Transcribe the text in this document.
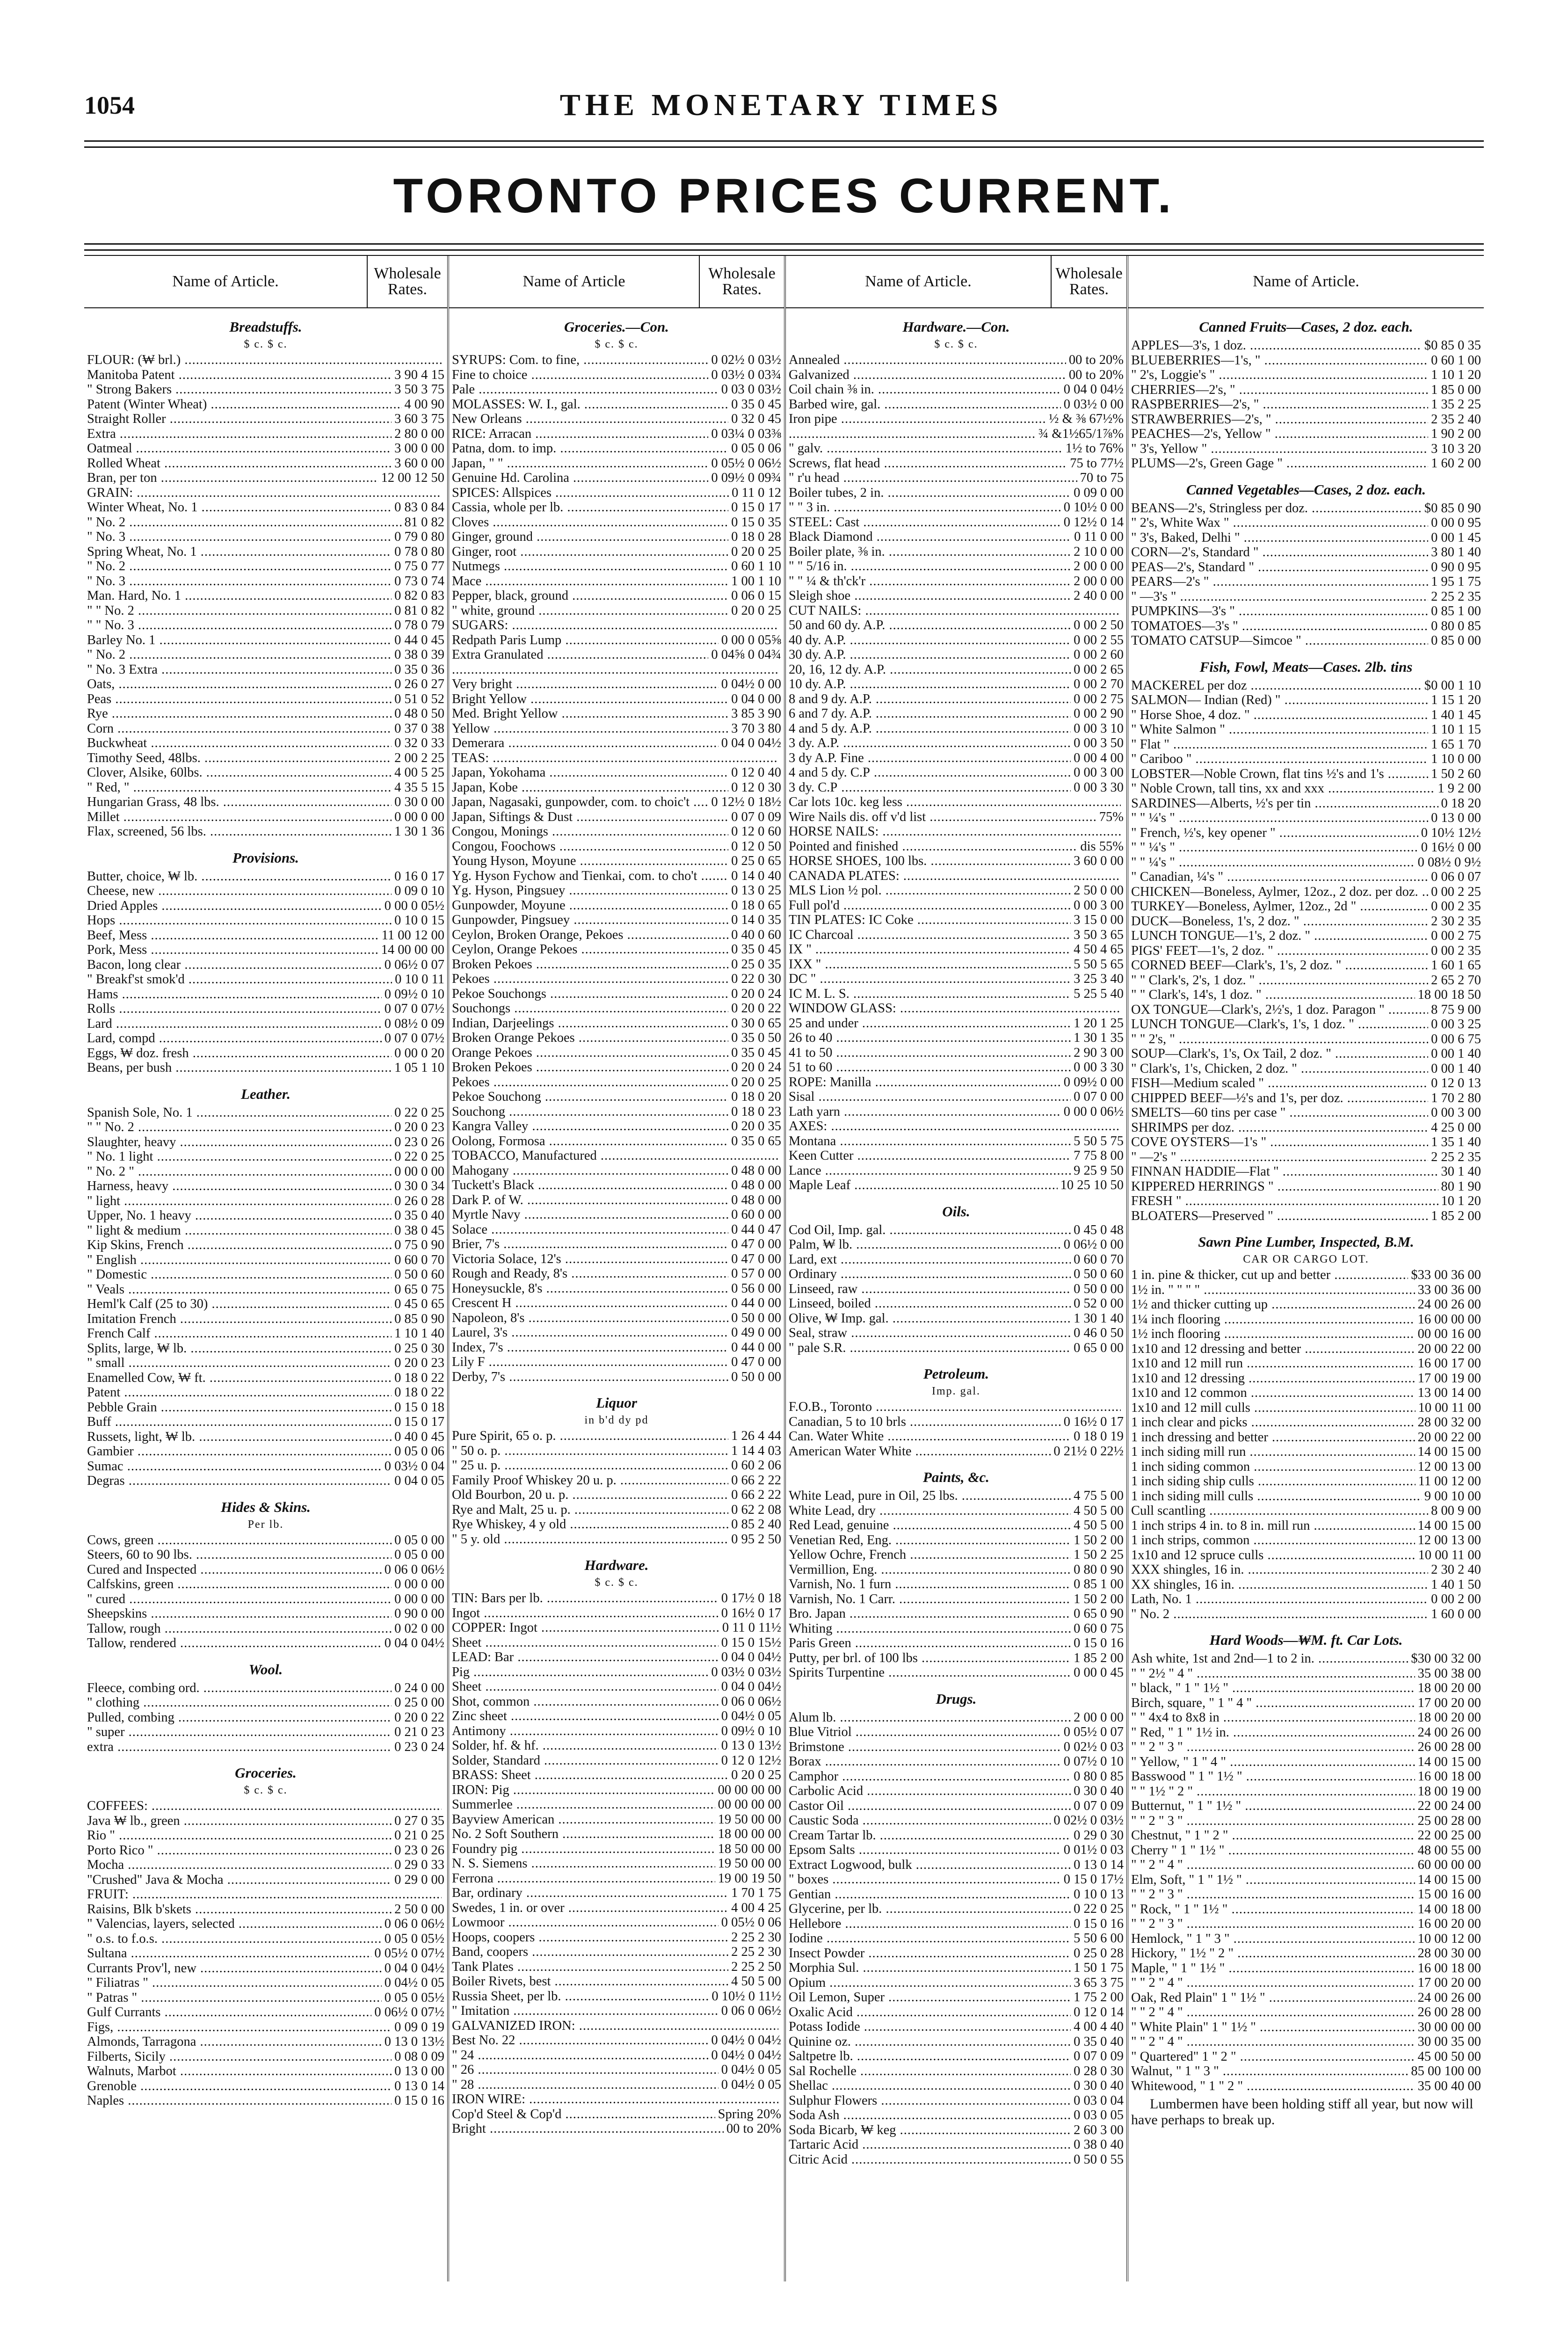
1054	THE MONETARY TIMES
TORONTO PRICES CURRENT.
Name of Article.	Wholesale Rates.
Breadstuffs.
$ c. $ c.
FLOUR: (₩ brl.) .....
Manitoba Patent .....	3 90 4 15
" Strong Bakers .....	3 50 3 75
Patent (Winter Wheat) .....	4 00 90
Straight Roller .....	3 60 3 75
Extra .....	2 80 0 00
Oatmeal .....	3 00 0 00
Rolled Wheat .....	3 60 0 00
Bran, per ton .....	12 00 12 50
GRAIN: .....
Winter Wheat, No. 1 .....	0 83 0 84
" No. 2 .....	81 0 82
" No. 3 .....	0 79 0 80
Spring Wheat, No. 1 .....	0 78 0 80
" No. 2 .....	0 75 0 77
" No. 3 .....	0 73 0 74
Man. Hard, No. 1 .....	0 82 0 83
" " No. 2 .....	0 81 0 82
" " No. 3 .....	0 78 0 79
Barley No. 1 .....	0 44 0 45
" No. 2 .....	0 38 0 39
" No. 3 Extra .....	0 35 0 36
Oats, .....	0 26 0 27
Peas .....	0 51 0 52
Rye .....	0 48 0 50
Corn .....	0 37 0 38
Buckwheat .....	0 32 0 33
Timothy Seed, 48lbs. .....	2 00 2 25
Clover, Alsike, 60lbs. .....	4 00 5 25
" Red, " .....	4 35 5 15
Hungarian Grass, 48 lbs. .....	0 30 0 00
Millet .....	0 00 0 00
Flax, screened, 56 lbs. .....	1 30 1 36
Provisions.
Butter, choice, ₩ lb. .....	0 16 0 17
Cheese, new .....	0 09 0 10
Dried Apples .....	0 00 0 05½
Hops .....	0 10 0 15
Beef, Mess .....	11 00 12 00
Pork, Mess .....	14 00 00 00
Bacon, long clear .....	0 06½ 0 07
" Breakf'st smok'd .....	0 10 0 11
Hams .....	0 09½ 0 10
Rolls .....	0 07 0 07½
Lard .....	0 08½ 0 09
Lard, compd .....	0 07 0 07½
Eggs, ₩ doz. fresh .....	0 00 0 20
Beans, per bush .....	1 05 1 10
Leather.
Spanish Sole, No. 1 .....	0 22 0 25
" " No. 2 .....	0 20 0 23
Slaughter, heavy .....	0 23 0 26
" No. 1 light .....	0 22 0 25
" No. 2 " .....	0 00 0 00
Harness, heavy .....	0 30 0 34
" light .....	0 26 0 28
Upper, No. 1 heavy .....	0 35 0 40
" light & medium .....	0 38 0 45
Kip Skins, French .....	0 75 0 90
" English .....	0 60 0 70
" Domestic .....	0 50 0 60
" Veals .....	0 65 0 75
Heml'k Calf (25 to 30) .....	0 45 0 65
Imitation French .....	0 85 0 90
French Calf .....	1 10 1 40
Splits, large, ₩ lb. .....	0 25 0 30
" small .....	0 20 0 23
Enamelled Cow, ₩ ft. .....	0 18 0 22
Patent .....	0 18 0 22
Pebble Grain .....	0 15 0 18
Buff .....	0 15 0 17
Russets, light, ₩ lb. .....	0 40 0 45
Gambier .....	0 05 0 06
Sumac .....	0 03½ 0 04
Degras .....	0 04 0 05
Hides & Skins.
Per lb.
Cows, green .....	0 05 0 00
Steers, 60 to 90 lbs. .....	0 05 0 00
Cured and Inspected .....	0 06 0 06½
Calfskins, green .....	0 00 0 00
" cured .....	0 00 0 00
Sheepskins .....	0 90 0 00
Tallow, rough .....	0 02 0 00
Tallow, rendered .....	0 04 0 04½
Wool.
Fleece, combing ord. .....	0 24 0 00
" clothing .....	0 25 0 00
Pulled, combing .....	0 20 0 22
" super .....	0 21 0 23
extra .....	0 23 0 24
Groceries.
$ c. $ c.
COFFEES: .....
Java ₩ lb., green .....	0 27 0 35
Rio " .....	0 21 0 25
Porto Rico " .....	0 23 0 26
Mocha .....	0 29 0 33
"Crushed" Java & Mocha .....	0 29 0 00
FRUIT: .....
Raisins, Blk b'skets .....	2 50 0 00
" Valencias, layers, selected .....	0 06 0 06½
" o.s. to f.o.s. .....	0 05 0 05½
Sultana .....	0 05½ 0 07½
Currants Prov'l, new .....	0 04 0 04½
" Filiatras " .....	0 04½ 0 05
" Patras " .....	0 05 0 05½
Gulf Currants .....	0 06½ 0 07½
Figs, .....	0 09 0 19
Almonds, Tarragona .....	0 13 0 13½
Filberts, Sicily .....	0 08 0 09
Walnuts, Marbot .....	0 13 0 00
Grenoble .....	0 13 0 14
Naples .....	0 15 0 16
Name of Article	Wholesale Rates.
Groceries.—Con.
$ c. $ c.
SYRUPS: Com. to fine, .....	0 02½ 0 03½
Fine to choice .....	0 03½ 0 03¾
Pale .....	0 03 0 03½
MOLASSES: W. I., gal. .....	0 35 0 45
New Orleans .....	0 32 0 45
RICE: Arracan .....	0 03¼ 0 03⅜
Patna, dom. to imp. .....	0 05 0 06
Japan, " " .....	0 05½ 0 06½
Genuine Hd. Carolina .....	0 09½ 0 09¾
SPICES: Allspices .....	0 11 0 12
Cassia, whole per lb. .....	0 15 0 17
Cloves .....	0 15 0 35
Ginger, ground .....	0 18 0 28
Ginger, root .....	0 20 0 25
Nutmegs .....	0 60 1 10
Mace .....	1 00 1 10
Pepper, black, ground .....	0 06 0 15
" white, ground .....	0 20 0 25
SUGARS: .....
Redpath Paris Lump .....	0 00 0 05⅝
Extra Granulated .....	0 04⅝ 0 04¾
.....
Very bright .....	0 04½ 0 00
Bright Yellow .....	0 04 0 00
Med. Bright Yellow .....	3 85 3 90
Yellow .....	3 70 3 80
Demerara .....	0 04 0 04½
TEAS: .....
Japan, Yokohama .....	0 12 0 40
Japan, Kobe .....	0 12 0 30
Japan, Nagasaki, gunpowder, com. to choic't .....	0 12½ 0 18½
Japan, Siftings & Dust .....	0 07 0 09
Congou, Monings .....	0 12 0 60
Congou, Foochows .....	0 12 0 50
Young Hyson, Moyune .....	0 25 0 65
Yg. Hyson Fychow and Tienkai, com. to cho't .....	0 14 0 40
Yg. Hyson, Pingsuey .....	0 13 0 25
Gunpowder, Moyune .....	0 18 0 65
Gunpowder, Pingsuey .....	0 14 0 35
Ceylon, Broken Orange, Pekoes .....	0 40 0 60
Ceylon, Orange Pekoes .....	0 35 0 45
Broken Pekoes .....	0 25 0 35
Pekoes .....	0 22 0 30
Pekoe Souchongs .....	0 20 0 24
Souchongs .....	0 20 0 22
Indian, Darjeelings .....	0 30 0 65
Broken Orange Pekoes .....	0 35 0 50
Orange Pekoes .....	0 35 0 45
Broken Pekoes .....	0 20 0 24
Pekoes .....	0 20 0 25
Pekoe Souchong .....	0 18 0 20
Souchong .....	0 18 0 23
Kangra Valley .....	0 20 0 35
Oolong, Formosa .....	0 35 0 65
TOBACCO, Manufactured .....
Mahogany .....	0 48 0 00
Tuckett's Black .....	0 48 0 00
Dark P. of W. .....	0 48 0 00
Myrtle Navy .....	0 60 0 00
Solace .....	0 44 0 47
Brier, 7's .....	0 47 0 00
Victoria Solace, 12's .....	0 47 0 00
Rough and Ready, 8's .....	0 57 0 00
Honeysuckle, 8's .....	0 56 0 00
Crescent H .....	0 44 0 00
Napoleon, 8's .....	0 50 0 00
Laurel, 3's .....	0 49 0 00
Index, 7's .....	0 44 0 00
Lily F .....	0 47 0 00
Derby, 7's .....	0 50 0 00
Liquor
in b'd dy pd
Pure Spirit, 65 o. p. .....	1 26 4 44
" 50 o. p. .....	1 14 4 03
" 25 u. p. .....	0 60 2 06
Family Proof Whiskey 20 u. p. .....	0 66 2 22
Old Bourbon, 20 u. p. .....	0 66 2 22
Rye and Malt, 25 u. p. .....	0 62 2 08
Rye Whiskey, 4 y old .....	0 85 2 40
" 5 y. old .....	0 95 2 50
Hardware.
$ c. $ c.
TIN: Bars per lb. .....	0 17½ 0 18
Ingot .....	0 16½ 0 17
COPPER: Ingot .....	0 11 0 11½
Sheet .....	0 15 0 15½
LEAD: Bar .....	0 04 0 04½
Pig .....	0 03½ 0 03½
Sheet .....	0 04 0 04½
Shot, common .....	0 06 0 06½
Zinc sheet .....	0 04½ 0 05
Antimony .....	0 09½ 0 10
Solder, hf. & hf. .....	0 13 0 13½
Solder, Standard .....	0 12 0 12½
BRASS: Sheet .....	0 20 0 25
IRON: Pig .....	00 00 00 00
Summerlee .....	00 00 00 00
Bayview American .....	19 50 00 00
No. 2 Soft Southern .....	18 00 00 00
Foundry pig .....	18 50 00 00
N. S. Siemens .....	19 50 00 00
Ferrona .....	19 00 19 50
Bar, ordinary .....	1 70 1 75
Swedes, 1 in. or over .....	4 00 4 25
Lowmoor .....	0 05½ 0 06
Hoops, coopers .....	2 25 2 30
Band, coopers .....	2 25 2 30
Tank Plates .....	2 25 2 50
Boiler Rivets, best .....	4 50 5 00
Russia Sheet, per lb. .....	0 10½ 0 11½
" Imitation .....	0 06 0 06½
GALVANIZED IRON: .....
Best No. 22 .....	0 04½ 0 04½
" 24 .....	0 04½ 0 04½
" 26 .....	0 04½ 0 05
" 28 .....	0 04½ 0 05
IRON WIRE: .....
Cop'd Steel & Cop'd .....	Spring 20%
Bright .....	00 to 20%
Name of Article.	Wholesale Rates.
Hardware.—Con.
$ c. $ c.
Annealed .....	00 to 20%
Galvanized .....	00 to 20%
Coil chain ⅜ in. .....	0 04 0 04½
Barbed wire, gal. .....	0 03½ 0 00
Iron pipe .....	½ & ⅜ 67½%
.....
¾ &1½65/1⅞%
" galv. .....	1½ to 76%
Screws, flat head .....	75 to 77½
" r'u head .....	70 to 75
Boiler tubes, 2 in. .....	0 09 0 00
" " 3 in. .....	0 10½ 0 00
STEEL: Cast .....	0 12½ 0 14
Black Diamond .....	0 11 0 00
Boiler plate, ⅜ in. .....	2 10 0 00
" " 5/16 in. .....	2 00 0 00
" " ¼ & th'ck'r .....	2 00 0 00
Sleigh shoe .....	2 40 0 00
CUT NAILS: .....
50 and 60 dy. A.P. .....	0 00 2 50
40 dy. A.P. .....	0 00 2 55
30 dy. A.P. .....	0 00 2 60
20, 16, 12 dy. A.P. .....	0 00 2 65
10 dy. A.P. .....	0 00 2 70
8 and 9 dy. A.P. .....	0 00 2 75
6 and 7 dy. A.P. .....	0 00 2 90
4 and 5 dy. A.P. .....	0 00 3 10
3 dy. A.P. .....	0 00 3 50
3 dy A.P. Fine .....	0 00 4 00
4 and 5 dy. C.P .....	0 00 3 00
3 dy. C.P .....	0 00 3 30
Car lots 10c. keg less .....
Wire Nails dis. off v'd list .....	75%
HORSE NAILS: .....
Pointed and finished .....	dis 55%
HORSE SHOES, 100 lbs. .....	3 60 0 00
CANADA PLATES: .....
MLS Lion ½ pol. .....	2 50 0 00
Full pol'd .....	0 00 3 00
TIN PLATES: IC Coke .....	3 15 0 00
IC Charcoal .....	3 50 3 65
IX " .....	4 50 4 65
IXX " .....	5 50 5 65
DC " .....	3 25 3 40
IC M. L. S. .....	5 25 5 40
WINDOW GLASS: .....
25 and under .....	1 20 1 25
26 to 40 .....	1 30 1 35
41 to 50 .....	2 90 3 00
51 to 60 .....	0 00 3 30
ROPE: Manilla .....	0 09½ 0 00
Sisal .....	0 07 0 00
Lath yarn .....	0 00 0 06½
AXES: .....
Montana .....	5 50 5 75
Keen Cutter .....	7 75 8 00
Lance .....	9 25 9 50
Maple Leaf .....	10 25 10 50
Oils.
Cod Oil, Imp. gal. .....	0 45 0 48
Palm, ₩ lb. .....	0 06½ 0 00
Lard, ext .....	0 60 0 70
Ordinary .....	0 50 0 60
Linseed, raw .....	0 50 0 00
Linseed, boiled .....	0 52 0 00
Olive, ₩ Imp. gal. .....	1 30 1 40
Seal, straw .....	0 46 0 50
" pale S.R. .....	0 65 0 00
Petroleum.
Imp. gal.
F.O.B., Toronto .....
Canadian, 5 to 10 brls .....	0 16½ 0 17
Can. Water White .....	0 18 0 19
American Water White .....	0 21½ 0 22½
Paints, &c.
White Lead, pure in Oil, 25 lbs. .....	4 75 5 00
White Lead, dry .....	4 50 5 00
Red Lead, genuine .....	4 50 5 00
Venetian Red, Eng. .....	1 50 2 00
Yellow Ochre, French .....	1 50 2 25
Vermillion, Eng. .....	0 80 0 90
Varnish, No. 1 furn .....	0 85 1 00
Varnish, No. 1 Carr. .....	1 50 2 00
Bro. Japan .....	0 65 0 90
Whiting .....	0 60 0 75
Paris Green .....	0 15 0 16
Putty, per brl. of 100 lbs .....	1 85 2 00
Spirits Turpentine .....	0 00 0 45
Drugs.
Alum lb. .....	2 00 0 00
Blue Vitriol .....	0 05½ 0 07
Brimstone .....	0 02½ 0 03
Borax .....	0 07½ 0 10
Camphor .....	0 80 0 85
Carbolic Acid .....	0 30 0 40
Castor Oil .....	0 07 0 09
Caustic Soda .....	0 02½ 0 03½
Cream Tartar lb. .....	0 29 0 30
Epsom Salts .....	0 01½ 0 03
Extract Logwood, bulk .....	0 13 0 14
" boxes .....	0 15 0 17½
Gentian .....	0 10 0 13
Glycerine, per lb. .....	0 22 0 25
Hellebore .....	0 15 0 16
Iodine .....	5 50 6 00
Insect Powder .....	0 25 0 28
Morphia Sul. .....	1 50 1 75
Opium .....	3 65 3 75
Oil Lemon, Super .....	1 75 2 00
Oxalic Acid .....	0 12 0 14
Potass Iodide .....	4 00 4 40
Quinine oz. .....	0 35 0 40
Saltpetre lb. .....	0 07 0 09
Sal Rochelle .....	0 28 0 30
Shellac .....	0 30 0 40
Sulphur Flowers .....	0 03 0 04
Soda Ash .....	0 03 0 05
Soda Bicarb, ₩ keg .....	2 60 3 00
Tartaric Acid .....	0 38 0 40
Citric Acid .....	0 50 0 55
Name of Article.
Canned Fruits—Cases, 2 doz. each.
APPLES—3's, 1 doz. .....	$0 85 0 35
BLUEBERRIES—1's, " .....	0 60 1 00
" 2's, Loggie's " .....	1 10 1 20
CHERRIES—2's, " .....	1 85 0 00
RASPBERRIES—2's, " .....	1 35 2 25
STRAWBERRIES—2's, " .....	2 35 2 40
PEACHES—2's, Yellow " .....	1 90 2 00
" 3's, Yellow " .....	3 10 3 20
PLUMS—2's, Green Gage " .....	1 60 2 00
Canned Vegetables—Cases, 2 doz. each.
BEANS—2's, Stringless per doz. .....	$0 85 0 90
" 2's, White Wax " .....	0 00 0 95
" 3's, Baked, Delhi " .....	0 00 1 45
CORN—2's, Standard " .....	3 80 1 40
PEAS—2's, Standard " .....	0 90 0 95
PEARS—2's " .....	1 95 1 75
" —3's " .....	2 25 2 35
PUMPKINS—3's " .....	0 85 1 00
TOMATOES—3's " .....	0 80 0 85
TOMATO CATSUP—Simcoe " .....	0 85 0 00
Fish, Fowl, Meats—Cases. 2lb. tins
MACKEREL per doz .....	$0 00 1 10
SALMON— Indian (Red) " .....	1 15 1 20
" Horse Shoe, 4 doz. " .....	1 40 1 45
" White Salmon " .....	1 10 1 15
" Flat " .....	1 65 1 70
" Cariboo " .....	1 10 0 00
LOBSTER—Noble Crown, flat tins ½'s and 1's .....	1 50 2 60
" Noble Crown, tall tins, xx and xxx .....	1 9 2 00
SARDINES—Alberts, ½'s per tin .....	0 18 20
" " ¼'s " .....	0 13 0 00
" French, ½'s, key opener " .....	0 10½ 12½
" " ¼'s " .....	0 16½ 0 00
" " ¼'s " .....	0 08½ 0 9½
" Canadian, ¼'s " .....	0 06 0 07
CHICKEN—Boneless, Aylmer, 12oz., 2 doz. per doz. ..... 0 00 2 25
TURKEY—Boneless, Aylmer, 12oz., 2d " .....	0 00 2 35
DUCK—Boneless, 1's, 2 doz. " .....	2 30 2 35
LUNCH TONGUE—1's, 2 doz. " .....	0 00 2 75
PIGS' FEET—1's, 2 doz. " .....	0 00 2 35
CORNED BEEF—Clark's, 1's, 2 doz. " .....	1 60 1 65
" " Clark's, 2's, 1 doz. " .....	2 65 2 70
" " Clark's, 14's, 1 doz. " .....	18 00 18 50
OX TONGUE—Clark's, 2½'s, 1 doz. Paragon " .....	8 75 9 00
LUNCH TONGUE—Clark's, 1's, 1 doz. " .....	0 00 3 25
" " 2's, " .....	0 00 6 75
SOUP—Clark's, 1's, Ox Tail, 2 doz. " .....	0 00 1 40
" Clark's, 1's, Chicken, 2 doz. " .....	0 00 1 40
FISH—Medium scaled " .....	0 12 0 13
CHIPPED BEEF—½'s and 1's, per doz. .....	1 70 2 80
SMELTS—60 tins per case " .....	0 00 3 00
SHRIMPS per doz. .....	4 25 0 00
COVE OYSTERS—1's " .....	1 35 1 40
" —2's " .....	2 25 2 35
FINNAN HADDIE—Flat " .....	30 1 40
KIPPERED HERRINGS " .....	80 1 90
FRESH " .....	10 1 20
BLOATERS—Preserved " .....	1 85 2 00
Sawn Pine Lumber, Inspected, B.M.
CAR OR CARGO LOT.
1 in. pine & thicker, cut up and better .....	$33 00 36 00
1½ in. " " " " .....	33 00 36 00
1½ and thicker cutting up .....	24 00 26 00
1¼ inch flooring .....	16 00 00 00
1½ inch flooring .....	00 00 16 00
1x10 and 12 dressing and better .....	20 00 22 00
1x10 and 12 mill run .....	16 00 17 00
1x10 and 12 dressing .....	17 00 19 00
1x10 and 12 common .....	13 00 14 00
1x10 and 12 mill culls .....	10 00 11 00
1 inch clear and picks .....	28 00 32 00
1 inch dressing and better .....	20 00 22 00
1 inch siding mill run .....	14 00 15 00
1 inch siding common .....	12 00 13 00
1 inch siding ship culls .....	11 00 12 00
1 inch siding mill culls .....	9 00 10 00
Cull scantling .....	8 00 9 00
1 inch strips 4 in. to 8 in. mill run .....	14 00 15 00
1 inch strips, common .....	12 00 13 00
1x10 and 12 spruce culls .....	10 00 11 00
XXX shingles, 16 in. .....	2 30 2 40
XX shingles, 16 in. .....	1 40 1 50
Lath, No. 1 .....	0 00 2 00
" No. 2 .....	1 60 0 00
Hard Woods—₩M. ft. Car Lots.
Ash white, 1st and 2nd—1 to 2 in. .....	$30 00 32 00
" " 2½ " 4 " .....	35 00 38 00
" black, " 1 " 1½ " .....	18 00 20 00
Birch, square, " 1 " 4 " .....	17 00 20 00
" " 4x4 to 8x8 in .....	18 00 20 00
" Red, " 1 " 1½ in. .....	24 00 26 00
" " 2 " 3 " .....	26 00 28 00
" Yellow, " 1 " 4 " .....	14 00 15 00
Basswood " 1 " 1½ " .....	16 00 18 00
" " 1½ " 2 " .....	18 00 19 00
Butternut, " 1 " 1½ " .....	22 00 24 00
" " 2 " 3 " .....	25 00 28 00
Chestnut, " 1 " 2 " .....	22 00 25 00
Cherry " 1 " 1½ " .....	48 00 55 00
" " 2 " 4 " .....	60 00 00 00
Elm, Soft, " 1 " 1½ " .....	14 00 15 00
" " 2 " 3 " .....	15 00 16 00
" Rock, " 1 " 1½ " .....	14 00 18 00
" " 2 " 3 " .....	16 00 20 00
Hemlock, " 1 " 3 " .....	10 00 12 00
Hickory, " 1½ " 2 " .....	28 00 30 00
Maple, " 1 " 1½ " .....	16 00 18 00
" " 2 " 4 " .....	17 00 20 00
Oak, Red Plain" 1 " 1½ " .....	24 00 26 00
" " 2 " 4 " .....	26 00 28 00
" White Plain" 1 " 1½ " .....	30 00 00 00
" " 2 " 4 " .....	30 00 35 00
" Quartered" 1 " 2 " .....	45 00 50 00
Walnut, " 1 " 3 " .....	85 00 100 00
Whitewood, " 1 " 2 " .....	35 00 40 00
Lumbermen have been holding stiff all year, but now will have perhaps to break up.
